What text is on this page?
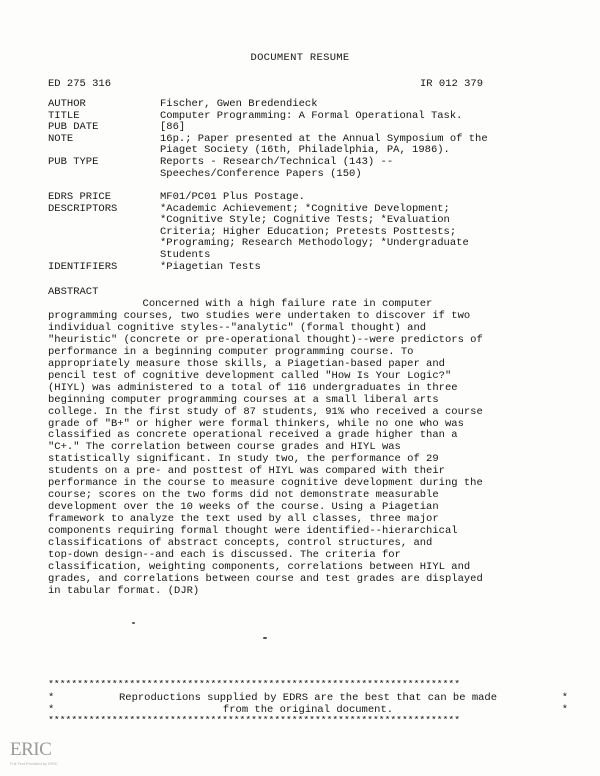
DOCUMENT RESUME
ED 275 316	IR 012 379
AUTHOR	Fischer, Gwen Bredendieck
TITLE	Computer Programming: A Formal Operational Task.
PUB DATE	[86]
NOTE	16p.; Paper presented at the Annual Symposium of the
Piaget Society (16th, Philadelphia, PA, 1986).
PUB TYPE	Reports - Research/Technical (143) --
Speeches/Conference Papers (150)
EDRS PRICE	MF01/PC01 Plus Postage.
DESCRIPTORS	*Academic Achievement; *Cognitive Development;
*Cognitive Style; Cognitive Tests; *Evaluation
Criteria; Higher Education; Pretests Posttests;
*Programing; Research Methodology; *Undergraduate
Students
IDENTIFIERS	*Piagetian Tests
ABSTRACT
Concerned with a high failure rate in computer
programming courses, two studies were undertaken to discover if two
individual cognitive styles--"analytic" (formal thought) and
"heuristic" (concrete or pre-operational thought)--were predictors of
performance in a beginning computer programming course. To
appropriately measure those skills, a Piagetian-based paper and
pencil test of cognitive development called "How Is Your Logic?"
(HIYL) was administered to a total of 116 undergraduates in three
beginning computer programming courses at a small liberal arts
college. In the first study of 87 students, 91% who received a course
grade of "B+" or higher were formal thinkers, while no one who was
classified as concrete operational received a grade higher than a
"C+." The correlation between course grades and HIYL was
statistically significant. In study two, the performance of 29
students on a pre- and posttest of HIYL was compared with their
performance in the course to measure cognitive development during the
course; scores on the two forms did not demonstrate measurable
development over the 10 weeks of the course. Using a Piagetian
framework to analyze the text used by all classes, three major
components requiring formal thought were identified--hierarchical
classifications of abstract concepts, control structures, and
top-down design--and each is discussed. The criteria for
classification, weighting components, correlations between HIYL and
grades, and correlations between course and test grades are displayed
in tabular format. (DJR)
***********************************************************************
*	Reproductions supplied by EDRS are the best that can be made	*
*	from the original document.	*
***********************************************************************
ERIC
Full Text Provided by ERIC
